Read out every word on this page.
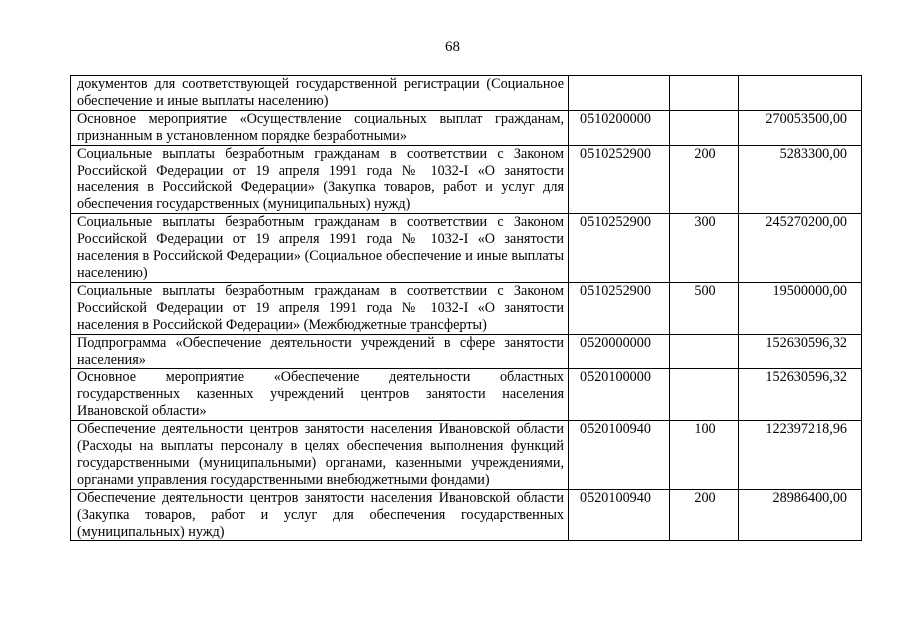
68
документов для соответствующей государственной регистрации (Социальное обеспечение и иные выплаты населению)			
Основное мероприятие «Осуществление социальных выплат гражданам, признанным в установленном порядке безработными»	0510200000		270053500,00
Социальные выплаты безработным гражданам в соответствии с Законом Российской Федерации от 19 апреля 1991 года № 1032-I «О занятости населения в Российской Федерации» (Закупка товаров, работ и услуг для обеспечения государственных (муниципальных) нужд)	0510252900	200	5283300,00
Социальные выплаты безработным гражданам в соответствии с Законом Российской Федерации от 19 апреля 1991 года № 1032-I «О занятости населения в Российской Федерации» (Социальное обеспечение и иные выплаты населению)	0510252900	300	245270200,00
Социальные выплаты безработным гражданам в соответствии с Законом Российской Федерации от 19 апреля 1991 года № 1032-I «О занятости населения в Российской Федерации» (Межбюджетные трансферты)	0510252900	500	19500000,00
Подпрограмма «Обеспечение деятельности учреждений в сфере занятости населения»	0520000000		152630596,32
Основное мероприятие «Обеспечение деятельности областных государственных казенных учреждений центров занятости населения Ивановской области»	0520100000		152630596,32
Обеспечение деятельности центров занятости населения Ивановской области (Расходы на выплаты персоналу в целях обеспечения выполнения функций государственными (муниципальными) органами, казенными учреждениями, органами управления государственными внебюджетными фондами)	0520100940	100	122397218,96
Обеспечение деятельности центров занятости населения Ивановской области (Закупка товаров, работ и услуг для обеспечения государственных (муниципальных) нужд)	0520100940	200	28986400,00
